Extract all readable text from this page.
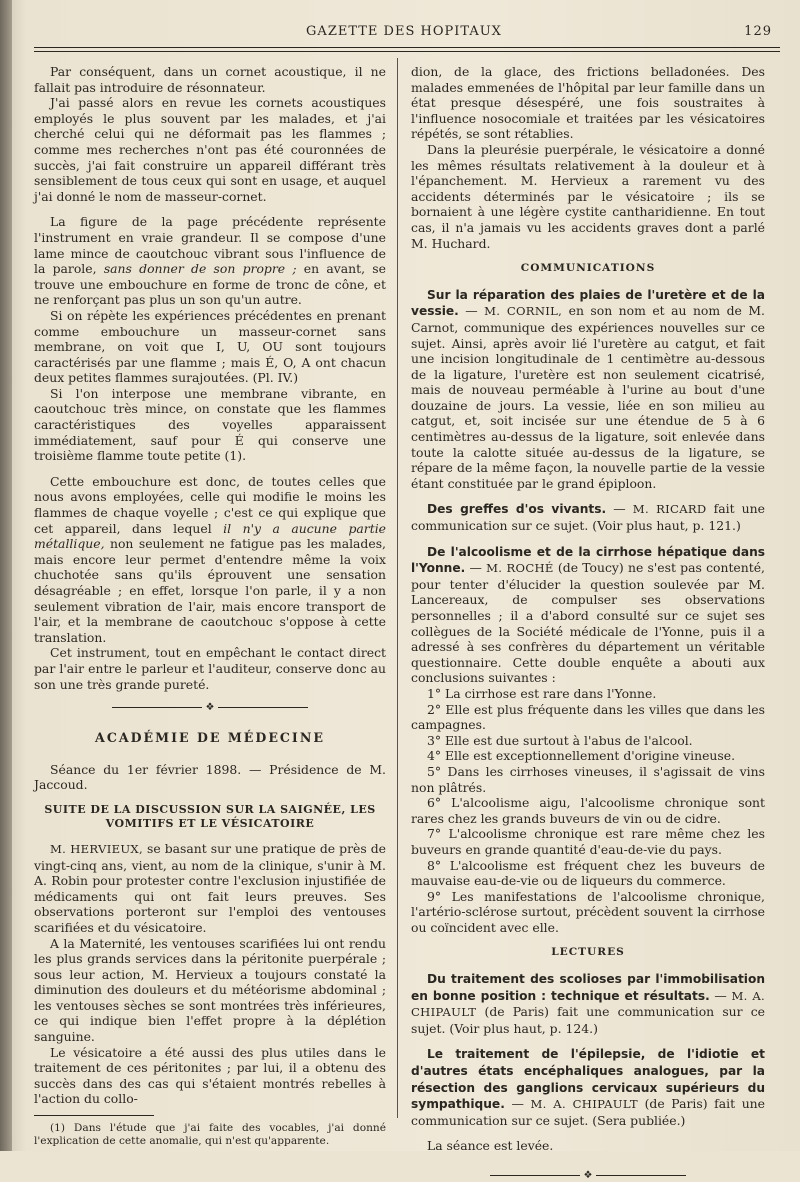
GAZETTE DES HOPITAUX	129

Par conséquent, dans un cornet acoustique, il ne fallait pas introduire de résonnateur.

J'ai passé alors en revue les cornets acoustiques employés le plus souvent par les malades, et j'ai cherché celui qui ne déformait pas les flammes ; comme mes recherches n'ont pas été couronnées de succès, j'ai fait construire un appareil différant très sensiblement de tous ceux qui sont en usage, et auquel j'ai donné le nom de masseur-cornet.

La figure de la page précédente représente l'instrument en vraie grandeur. Il se compose d'une lame mince de caoutchouc vibrant sous l'influence de la parole, sans donner de son propre ; en avant, se trouve une embouchure en forme de tronc de cône, et ne renforçant pas plus un son qu'un autre.

Si on répète les expériences précédentes en prenant comme embouchure un masseur-cornet sans membrane, on voit que I, U, OU sont toujours caractérisés par une flamme ; mais É, O, A ont chacun deux petites flammes surajoutées. (Pl. IV.)

Si l'on interpose une membrane vibrante, en caoutchouc très mince, on constate que les flammes caractéristiques des voyelles apparaissent immédiatement, sauf pour É qui conserve une troisième flamme toute petite (1).

Cette embouchure est donc, de toutes celles que nous avons employées, celle qui modifie le moins les flammes de chaque voyelle ; c'est ce qui explique que cet appareil, dans lequel il n'y a aucune partie métallique, non seulement ne fatigue pas les malades, mais encore leur permet d'entendre même la voix chuchotée sans qu'ils éprouvent une sensation désagréable ; en effet, lorsque l'on parle, il y a non seulement vibration de l'air, mais encore transport de l'air, et la membrane de caoutchouc s'oppose à cette translation.

Cet instrument, tout en empêchant le contact direct par l'air entre le parleur et l'auditeur, conserve donc au son une très grande pureté.

❖

ACADÉMIE DE MÉDECINE

Séance du 1er février 1898. — Présidence de M. Jaccoud.

SUITE DE LA DISCUSSION SUR LA SAIGNÉE, LES VOMITIFS ET LE VÉSICATOIRE

M. HERVIEUX, se basant sur une pratique de près de vingt-cinq ans, vient, au nom de la clinique, s'unir à M. A. Robin pour protester contre l'exclusion injustifiée de médicaments qui ont fait leurs preuves. Ses observations porteront sur l'emploi des ventouses scarifiées et du vésicatoire.

A la Maternité, les ventouses scarifiées lui ont rendu les plus grands services dans la péritonite puerpérale ; sous leur action, M. Hervieux a toujours constaté la diminution des douleurs et du météorisme abdominal ; les ventouses sèches se sont montrées très inférieures, ce qui indique bien l'effet propre à la déplétion sanguine.

Le vésicatoire a été aussi des plus utiles dans le traitement de ces péritonites ; par lui, il a obtenu des succès dans des cas qui s'étaient montrés rebelles à l'action du collo-

(1) Dans l'étude que j'ai faite des vocables, j'ai donné l'explication de cette anomalie, qui n'est qu'apparente.

dion, de la glace, des frictions belladonées. Des malades emmenées de l'hôpital par leur famille dans un état presque désespéré, une fois soustraites à l'influence nosocomiale et traitées par les vésicatoires répétés, se sont rétablies.

Dans la pleurésie puerpérale, le vésicatoire a donné les mêmes résultats relativement à la douleur et à l'épanchement. M. Hervieux a rarement vu des accidents déterminés par le vésicatoire ; ils se bornaient à une légère cystite cantharidienne. En tout cas, il n'a jamais vu les accidents graves dont a parlé M. Huchard.

COMMUNICATIONS

Sur la réparation des plaies de l'uretère et de la vessie. — M. CORNIL, en son nom et au nom de M. Carnot, communique des expériences nouvelles sur ce sujet. Ainsi, après avoir lié l'uretère au catgut, et fait une incision longitudinale de 1 centimètre au-dessous de la ligature, l'uretère est non seulement cicatrisé, mais de nouveau perméable à l'urine au bout d'une douzaine de jours. La vessie, liée en son milieu au catgut, et, soit incisée sur une étendue de 5 à 6 centimètres au-dessus de la ligature, soit enlevée dans toute la calotte située au-dessus de la ligature, se répare de la même façon, la nouvelle partie de la vessie étant constituée par le grand épiploon.

Des greffes d'os vivants. — M. RICARD fait une communication sur ce sujet. (Voir plus haut, p. 121.)

De l'alcoolisme et de la cirrhose hépatique dans l'Yonne. — M. ROCHÉ (de Toucy) ne s'est pas contenté, pour tenter d'élucider la question soulevée par M. Lancereaux, de compulser ses observations personnelles ; il a d'abord consulté sur ce sujet ses collègues de la Société médicale de l'Yonne, puis il a adressé à ses confrères du département un véritable questionnaire. Cette double enquête a abouti aux conclusions suivantes :

1° La cirrhose est rare dans l'Yonne.

2° Elle est plus fréquente dans les villes que dans les campagnes.

3° Elle est due surtout à l'abus de l'alcool.

4° Elle est exceptionnellement d'origine vineuse.

5° Dans les cirrhoses vineuses, il s'agissait de vins non plâtrés.

6° L'alcoolisme aigu, l'alcoolisme chronique sont rares chez les grands buveurs de vin ou de cidre.

7° L'alcoolisme chronique est rare même chez les buveurs en grande quantité d'eau-de-vie du pays.

8° L'alcoolisme est fréquent chez les buveurs de mauvaise eau-de-vie ou de liqueurs du commerce.

9° Les manifestations de l'alcoolisme chronique, l'artério-sclérose surtout, précèdent souvent la cirrhose ou coïncident avec elle.

LECTURES

Du traitement des scolioses par l'immobilisation en bonne position : technique et résultats. — M. A. CHIPAULT (de Paris) fait une communication sur ce sujet. (Voir plus haut, p. 124.)

Le traitement de l'épilepsie, de l'idiotie et d'autres états encéphaliques analogues, par la résection des ganglions cervicaux supérieurs du sympathique. — M. A. CHIPAULT (de Paris) fait une communication sur ce sujet. (Sera publiée.)

La séance est levée.

❖
